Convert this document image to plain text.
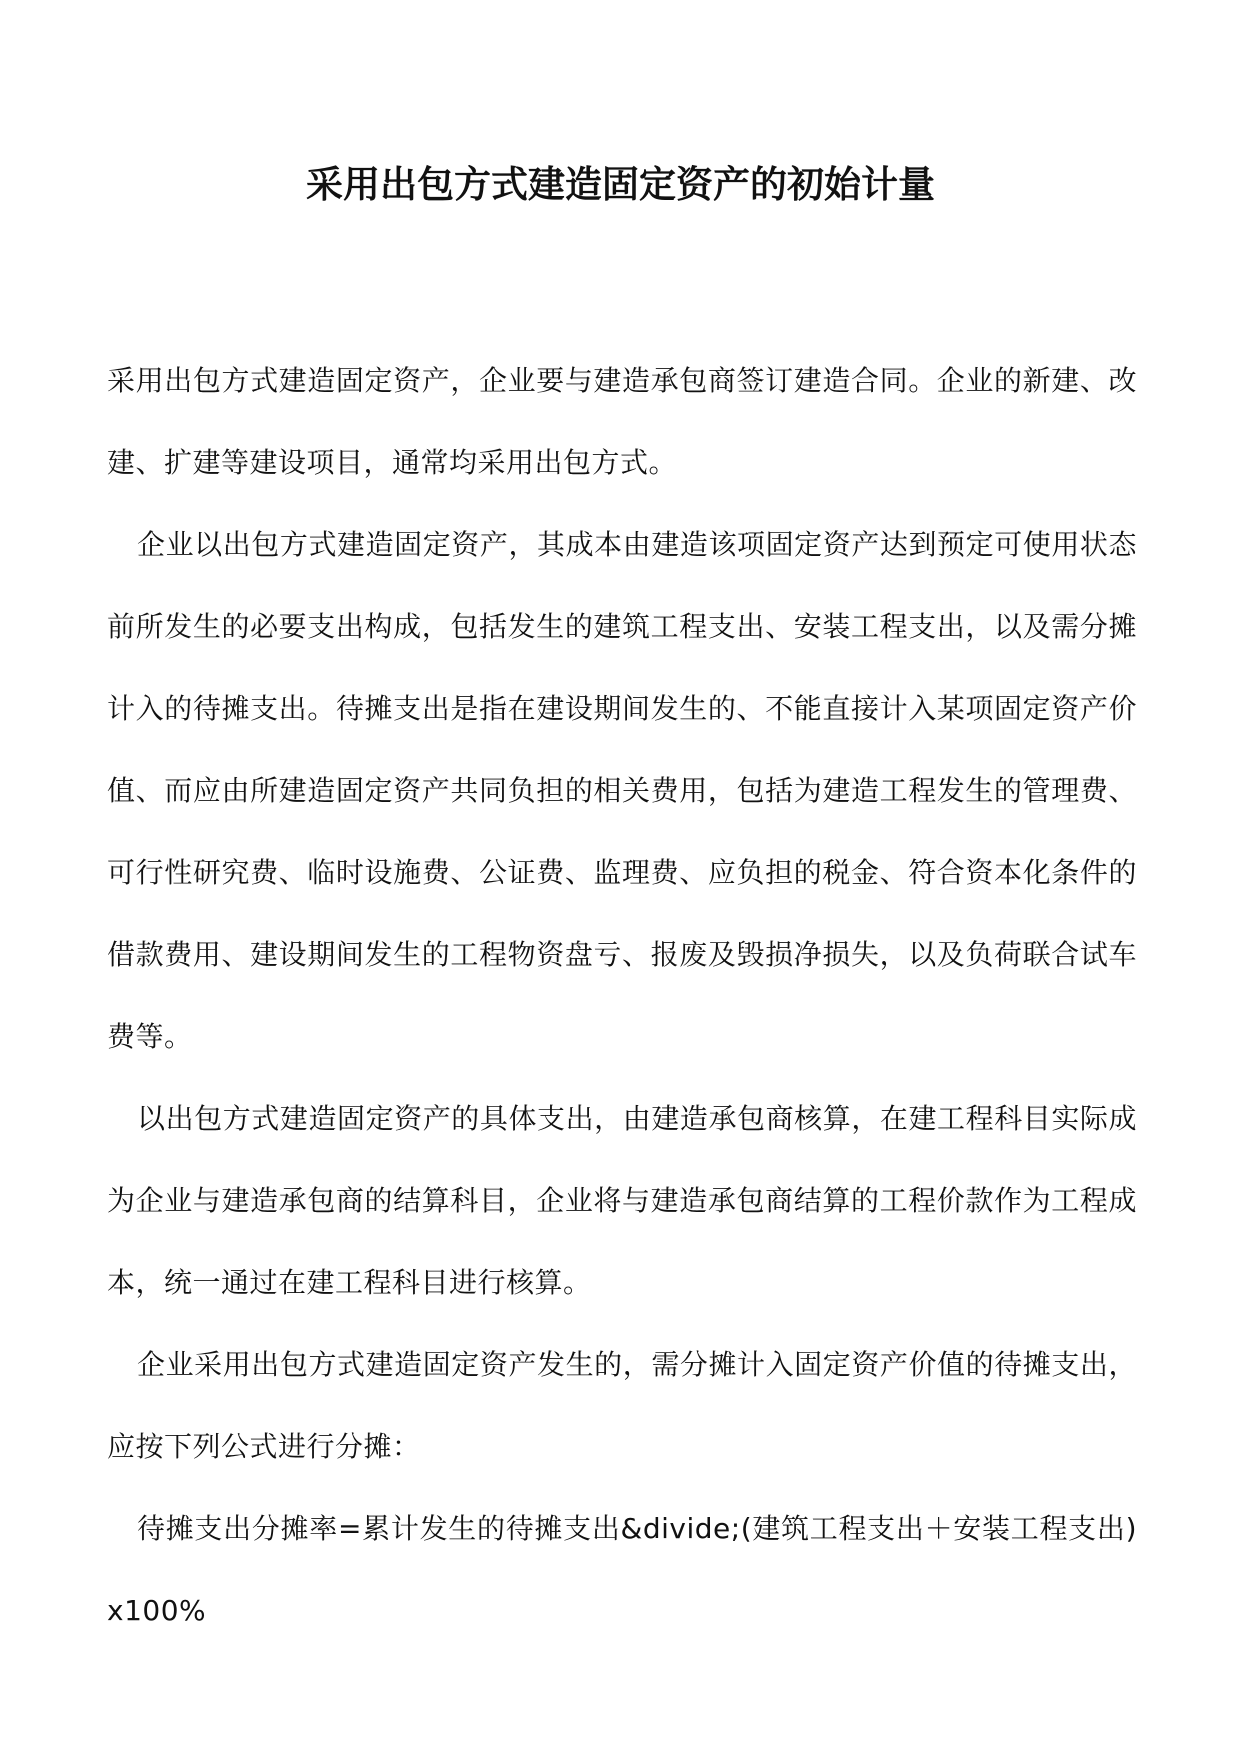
采用出包方式建造固定资产的初始计量

采用出包方式建造固定资产，企业要与建造承包商签订建造合同。企业的新建、改建、扩建等建设项目，通常均采用出包方式。

企业以出包方式建造固定资产，其成本由建造该项固定资产达到预定可使用状态前所发生的必要支出构成，包括发生的建筑工程支出、安装工程支出，以及需分摊计入的待摊支出。待摊支出是指在建设期间发生的、不能直接计入某项固定资产价值、而应由所建造固定资产共同负担的相关费用，包括为建造工程发生的管理费、可行性研究费、临时设施费、公证费、监理费、应负担的税金、符合资本化条件的借款费用、建设期间发生的工程物资盘亏、报废及毁损净损失，以及负荷联合试车费等。

以出包方式建造固定资产的具体支出，由建造承包商核算，在建工程科目实际成为企业与建造承包商的结算科目，企业将与建造承包商结算的工程价款作为工程成本，统一通过在建工程科目进行核算。

企业采用出包方式建造固定资产发生的，需分摊计入固定资产价值的待摊支出，应按下列公式进行分摊：

待摊支出分摊率=累计发生的待摊支出&divide;(建筑工程支出＋安装工程支出)x100%
